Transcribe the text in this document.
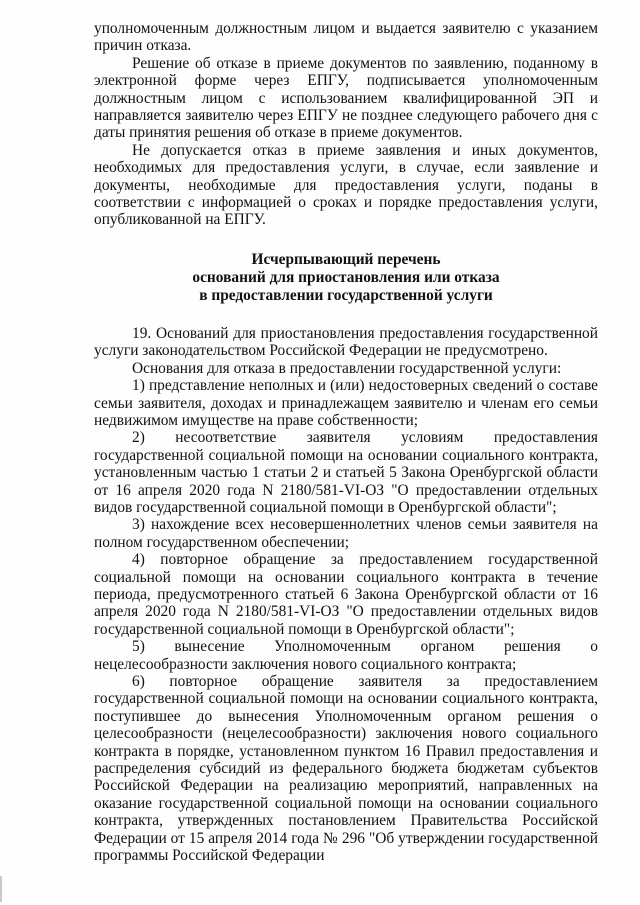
уполномоченным должностным лицом и выдается заявителю с указанием причин отказа.

Решение об отказе в приеме документов по заявлению, поданному в электронной форме через ЕПГУ, подписывается уполномоченным должностным лицом с использованием квалифицированной ЭП и направляется заявителю через ЕПГУ не позднее следующего рабочего дня с даты принятия решения об отказе в приеме документов.

Не допускается отказ в приеме заявления и иных документов, необходимых для предоставления услуги, в случае, если заявление и документы, необходимые для предоставления услуги, поданы в соответствии с информацией о сроках и порядке предоставления услуги, опубликованной на ЕПГУ.

Исчерпывающий перечень
оснований для приостановления или отказа
в предоставлении государственной услуги

19. Оснований для приостановления предоставления государственной услуги законодательством Российской Федерации не предусмотрено.

Основания для отказа в предоставлении государственной услуги:

1) представление неполных и (или) недостоверных сведений о составе семьи заявителя, доходах и принадлежащем заявителю и членам его семьи недвижимом имуществе на праве собственности;

2) несоответствие заявителя условиям предоставления государственной социальной помощи на основании социального контракта, установленным частью 1 статьи 2 и статьей 5 Закона Оренбургской области от 16 апреля 2020 года N 2180/581-VI-ОЗ "О предоставлении отдельных видов государственной социальной помощи в Оренбургской области";

3) нахождение всех несовершеннолетних членов семьи заявителя на полном государственном обеспечении;

4) повторное обращение за предоставлением государственной социальной помощи на основании социального контракта в течение периода, предусмотренного статьей 6 Закона Оренбургской области от 16 апреля 2020 года N 2180/581-VI-ОЗ "О предоставлении отдельных видов государственной социальной помощи в Оренбургской области";

5) вынесение Уполномоченным органом решения о нецелесообразности заключения нового социального контракта;

6) повторное обращение заявителя за предоставлением государственной социальной помощи на основании социального контракта, поступившее до вынесения Уполномоченным органом решения о целесообразности (нецелесообразности) заключения нового социального контракта в порядке, установленном пунктом 16 Правил предоставления и распределения субсидий из федерального бюджета бюджетам субъектов Российской Федерации на реализацию мероприятий, направленных на оказание государственной социальной помощи на основании социального контракта, утвержденных постановлением Правительства Российской Федерации от 15 апреля 2014 года № 296 "Об утверждении государственной программы Российской Федерации
